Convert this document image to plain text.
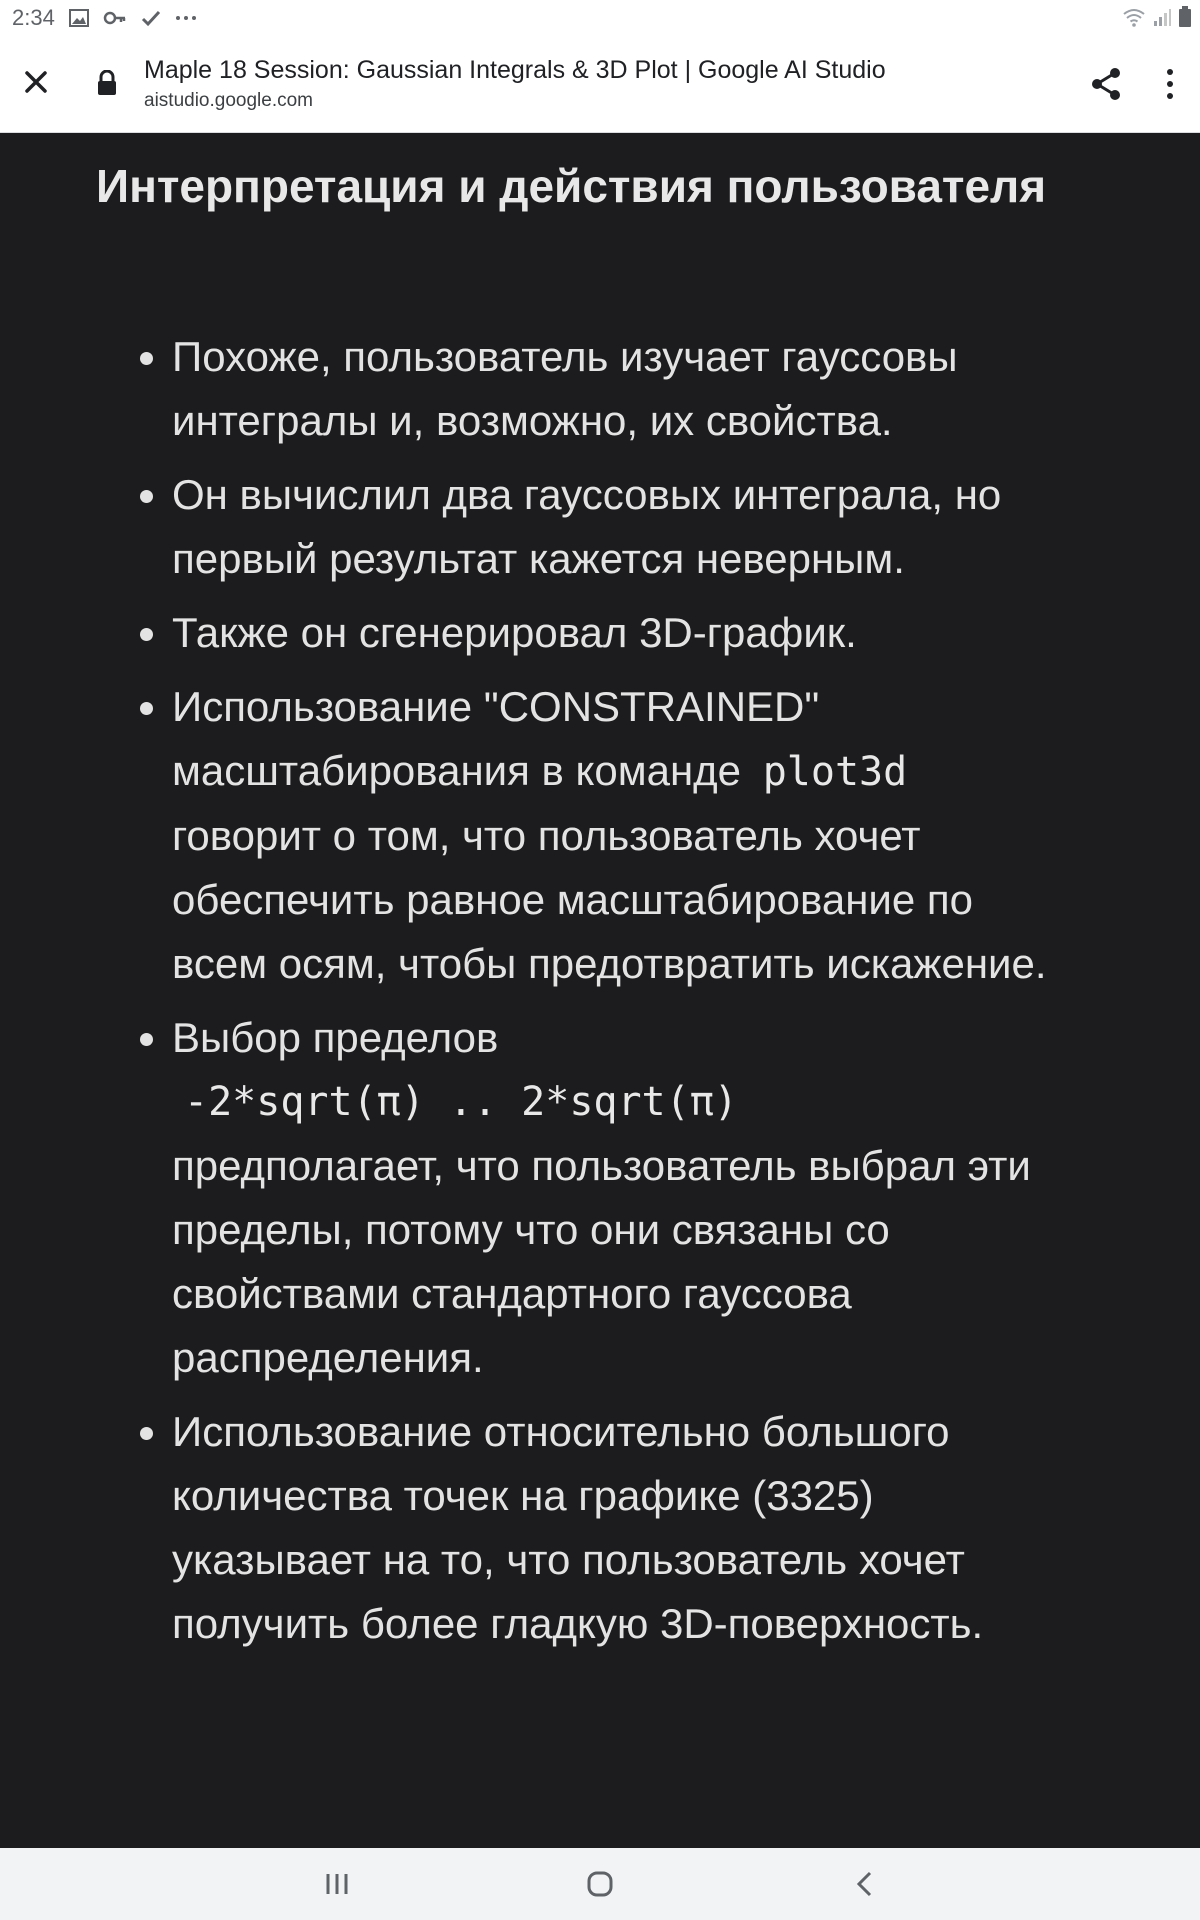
2:34
Maple 18 Session: Gaussian Integrals & 3D Plot | Google AI Studio
aistudio.google.com
Интерпретация и действия пользователя
• Похоже, пользователь изучает гауссовы интегралы и, возможно, их свойства.
• Он вычислил два гауссовых интеграла, но первый результат кажется неверным.
• Также он сгенерировал 3D-график.
• Использование "CONSTRAINED" масштабирования в команде plot3d говорит о том, что пользователь хочет обеспечить равное масштабирование по всем осям, чтобы предотвратить искажение.
• Выбор пределов
-2*sqrt(π) .. 2*sqrt(π)
предполагает, что пользователь выбрал эти пределы, потому что они связаны со свойствами стандартного гауссова распределения.
• Использование относительно большого количества точек на графике (3325) указывает на то, что пользователь хочет получить более гладкую 3D-поверхность.
